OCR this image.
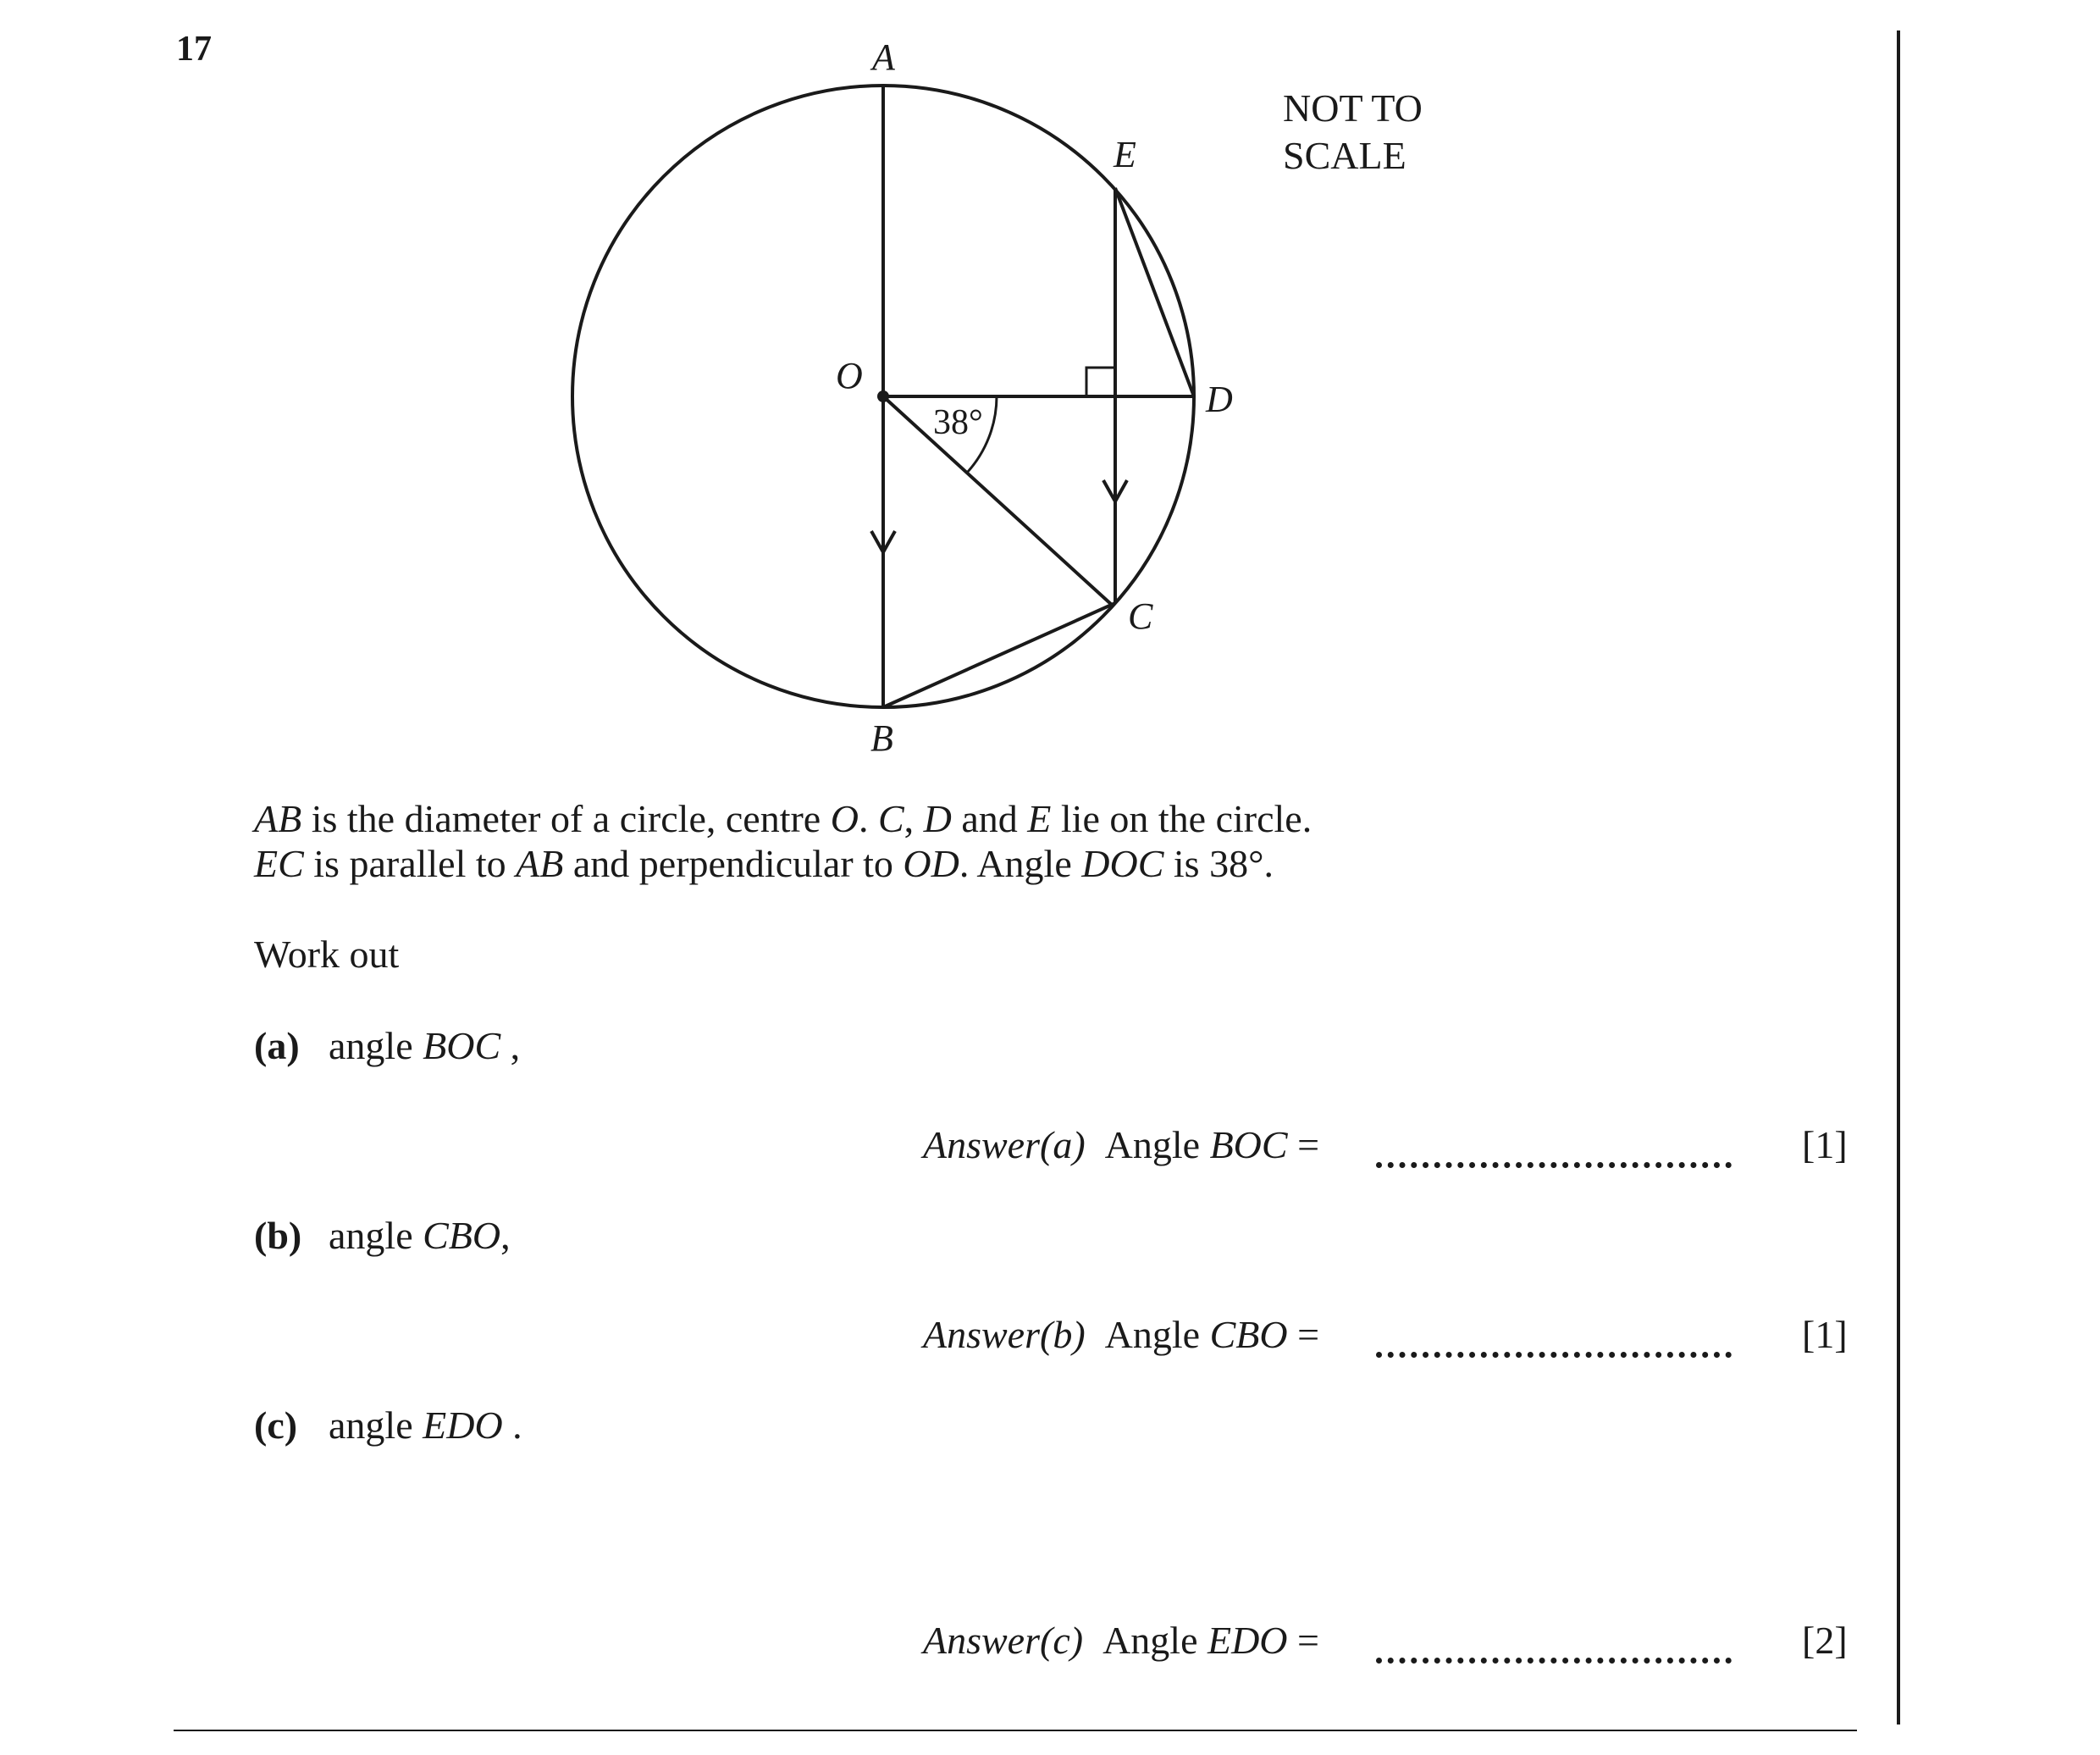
17	A
B
C
D
E
O
38°
NOT TO
SCALE

AB is the diameter of a circle, centre O. C, D and E lie on the circle.

EC is parallel to AB and perpendicular to OD. Angle DOC is 38°.

Work out
(a) angle BOC ,
Answer(a) Angle BOC =	[1]
(b) angle CBO,
Answer(b) Angle CBO =	[1]
(c) angle EDO .
Answer(c) Angle EDO =	[2]
